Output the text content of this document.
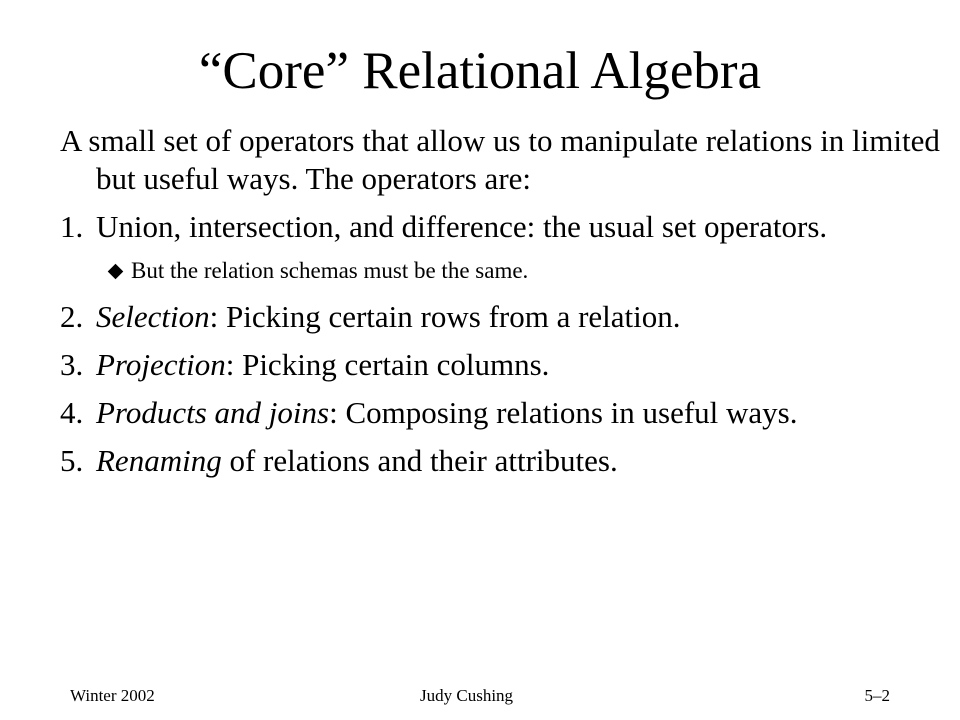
“Core” Relational Algebra
A small set of operators that allow us to manipulate relations in limited but useful ways. The operators are:
1. Union, intersection, and difference: the usual set operators.
But the relation schemas must be the same.
2. Selection: Picking certain rows from a relation.
3. Projection: Picking certain columns.
4. Products and joins: Composing relations in useful ways.
5. Renaming of relations and their attributes.
Winter 2002	Judy Cushing	5–2
